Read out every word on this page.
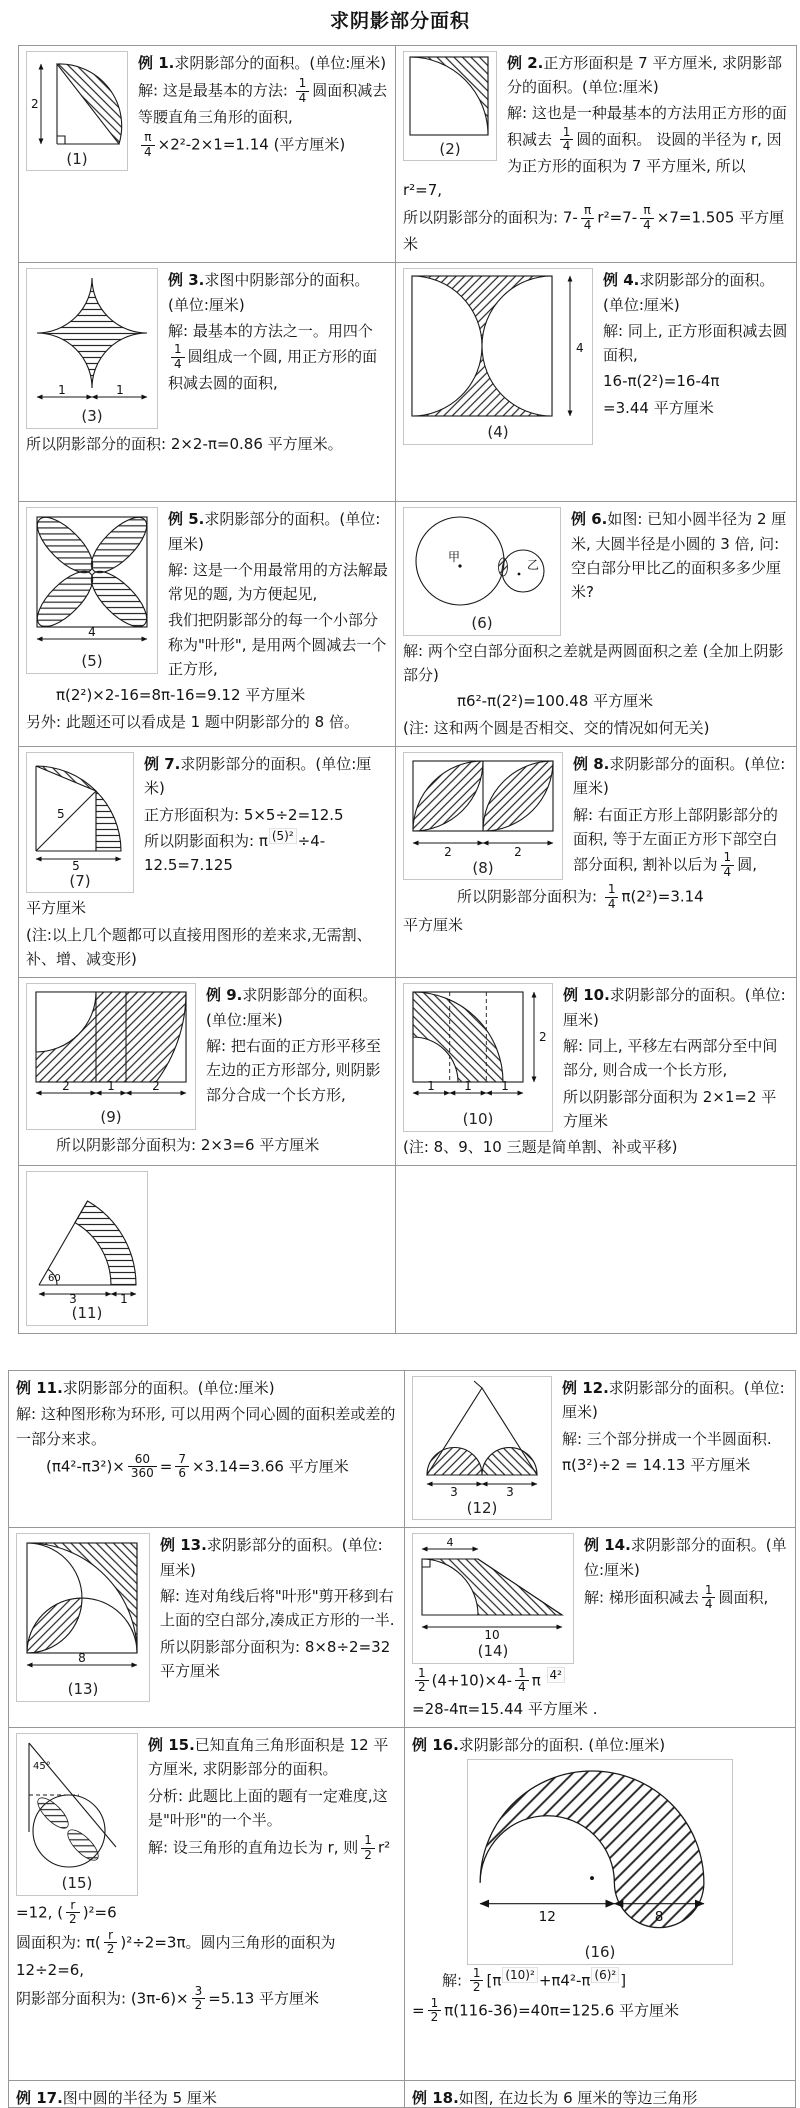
求阴影部分面积
2
(1)

例 1.求阴影部分的面积。(单位:厘米)

解: 这是最基本的方法: $\frac{1}{4}$ 圆面积减去等腰直角三角形的面积,

$\frac{\pi}{4} \times 2^2-2\times 1=1.14$ (平方厘米)	(2)

例 2.正方形面积是 7 平方厘米, 求阴影部分的面积。(单位:厘米)

解: 这也是一种最基本的方法用正方形的面积减去 $\frac{1}{4}$ 圆的面积。 设圆的半径为 r, 因为正方形的面积为 7 平方厘米, 所以 r²=7,

所以阴影部分的面积为: $7- \frac{\pi}{4} r^2=7- \frac{\pi}{4} \times 7=1.505$ 平方厘米

1	1
(3)

例 3.求图中阴影部分的面积。(单位:厘米)

解: 最基本的方法之一。用四个
$\frac{1}{4}$ 圆组成一个圆, 用正方形的面积减去圆的面积,

所以阴影部分的面积: 2×2-π=0.86 平方厘米。

4
(4)

例 4.求阴影部分的面积。(单位:厘米)

解: 同上, 正方形面积减去圆面积,

16-π(2²)=16-4π

=3.44 平方厘米

4
(5)

例 5.求阴影部分的面积。(单位:厘米)

解: 这是一个用最常用的方法解最常见的题, 为方便起见,

我们把阴影部分的每一个小部分称为"叶形", 是用两个圆减去一个正方形,

π(2²)×2-16=8π-16=9.12 平方厘米

另外: 此题还可以看成是 1 题中阴影部分的 8 倍。

甲
乙
(6)

例 6.如图: 已知小圆半径为 2 厘米, 大圆半径是小圆的 3 倍, 问: 空白部分甲比乙的面积多多少厘米?

解: 两个空白部分面积之差就是两圆面积之差 (全加上阴影部分)

π6²-π(2²)=100.48 平方厘米

(注: 这和两个圆是否相交、交的情况如何无关)

5
5
(7)

例 7.求阴影部分的面积。(单位:厘米)

正方形面积为: 5×5÷2=12.5

所以阴影面积为: π $^{(5)^2}$ ÷4-12.5=7.125

平方厘米

(注:以上几个题都可以直接用图形的差来求,无需割、补、增、减变形)

2	2
(8)

例 8.求阴影部分的面积。(单位:厘米)

解: 右面正方形上部阴影部分的面积, 等于左面正方形下部空白部分面积, 割补以后为 $\frac{1}{4}$ 圆,

所以阴影部分面积为: $\frac{1}{4} \pi(2^2)=3.14$

平方厘米

2	1	2
(9)

例 9.求阴影部分的面积。(单位:厘米)

解: 把右面的正方形平移至左边的正方形部分, 则阴影部分合成一个长方形,

所以阴影部分面积为: 2×3=6 平方厘米

1 1 1
2
(10)

例 10.求阴影部分的面积。(单位:厘米)

解: 同上, 平移左右两部分至中间部分, 则合成一个长方形,

所以阴影部分面积为 2×1=2 平方厘米

(注: 8、9、10 三题是简单割、补或平移)

60
3	1
(11)

例 11.求阴影部分的面积。(单位:厘米)

解: 这种图形称为环形, 可以用两个同心圆的面积差或差的一部分来求。

$(\pi 4^2-\pi 3^2)\times \frac{60}{360} = \frac{7}{6} \times 3.14=3.66$ 平方厘米

3	3
(12)

例 12.求阴影部分的面积。(单位:厘米)

解: 三个部分拼成一个半圆面积.

π(3²)÷2 = 14.13 平方厘米

8
(13)

例 13.求阴影部分的面积。(单位:厘米)

解: 连对角线后将"叶形"剪开移到右上面的空白部分,凑成正方形的一半.

所以阴影部分面积为: 8×8÷2=32 平方厘米

4
10
(14)

例 14.求阴影部分的面积。(单位:厘米)

解: 梯形面积减去 $\frac{1}{4}$ 圆面积,

$\frac{1}{2} (4+10)\times 4- \frac{1}{4}$ π $^{4^2}$

=28-4π=15.44 平方厘米 .

45°
(15)

例 15.已知直角三角形面积是 12 平方厘米, 求阴影部分的面积。

分析: 此题比上面的题有一定难度,这是"叶形"的一个半。

解: 设三角形的直角边长为 r, 则 $\frac{1}{2} r^2$

=12, ( $\frac{r}{2} )^2=6$

圆面积为: $\pi( \frac{r}{2} )^2\div 2=3\pi$。圆内三角形的面积为

12÷2=6,

阴影部分面积为: $(3\pi-6)\times \frac{3}{2} =5.13$ 平方厘米

例 16.求阴影部分的面积. (单位:厘米)

12	8
(16)

解: $\frac{1}{2} [\pi$ $^{(10)^2}$ +π4²-π $^{(6)^2}$ ]

= $\frac{1}{2} \pi(116-36)=40\pi=125.6$ 平方厘米

例 17.图中圆的半径为 5 厘米	例 18.如图, 在边长为 6 厘米的等边三角形
